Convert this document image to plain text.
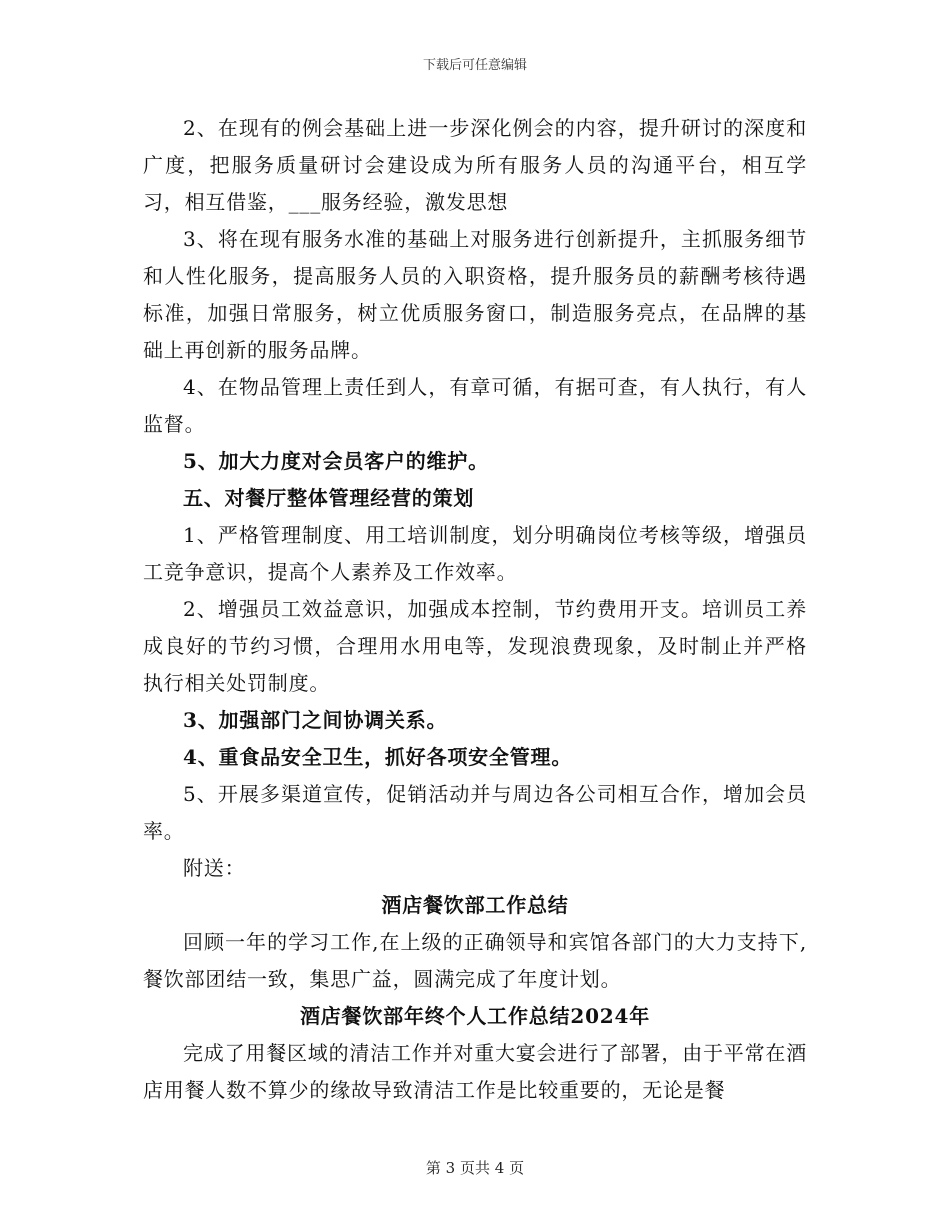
下载后可任意编辑

2、在现有的例会基础上进一步深化例会的内容，提升研讨的深度和广度，把服务质量研讨会建设成为所有服务人员的沟通平台，相互学习，相互借鉴，___服务经验，激发思想

3、将在现有服务水准的基础上对服务进行创新提升，主抓服务细节和人性化服务，提高服务人员的入职资格，提升服务员的薪酬考核待遇标准，加强日常服务，树立优质服务窗口，制造服务亮点，在品牌的基础上再创新的服务品牌。

4、在物品管理上责任到人，有章可循，有据可查，有人执行，有人监督。

5、加大力度对会员客户的维护。

五、对餐厅整体管理经营的策划

1、严格管理制度、用工培训制度，划分明确岗位考核等级，增强员工竞争意识，提高个人素养及工作效率。

2、增强员工效益意识，加强成本控制，节约费用开支。培训员工养成良好的节约习惯，合理用水用电等，发现浪费现象，及时制止并严格执行相关处罚制度。

3、加强部门之间协调关系。

4、重食品安全卫生，抓好各项安全管理。

5、开展多渠道宣传，促销活动并与周边各公司相互合作，增加会员率。

附送：

酒店餐饮部工作总结

回顾一年的学习工作,在上级的正确领导和宾馆各部门的大力支持下,餐饮部团结一致，集思广益，圆满完成了年度计划。

酒店餐饮部年终个人工作总结2024年

完成了用餐区域的清洁工作并对重大宴会进行了部署，由于平常在酒店用餐人数不算少的缘故导致清洁工作是比较重要的，无论是餐

第 3 页共 4 页
